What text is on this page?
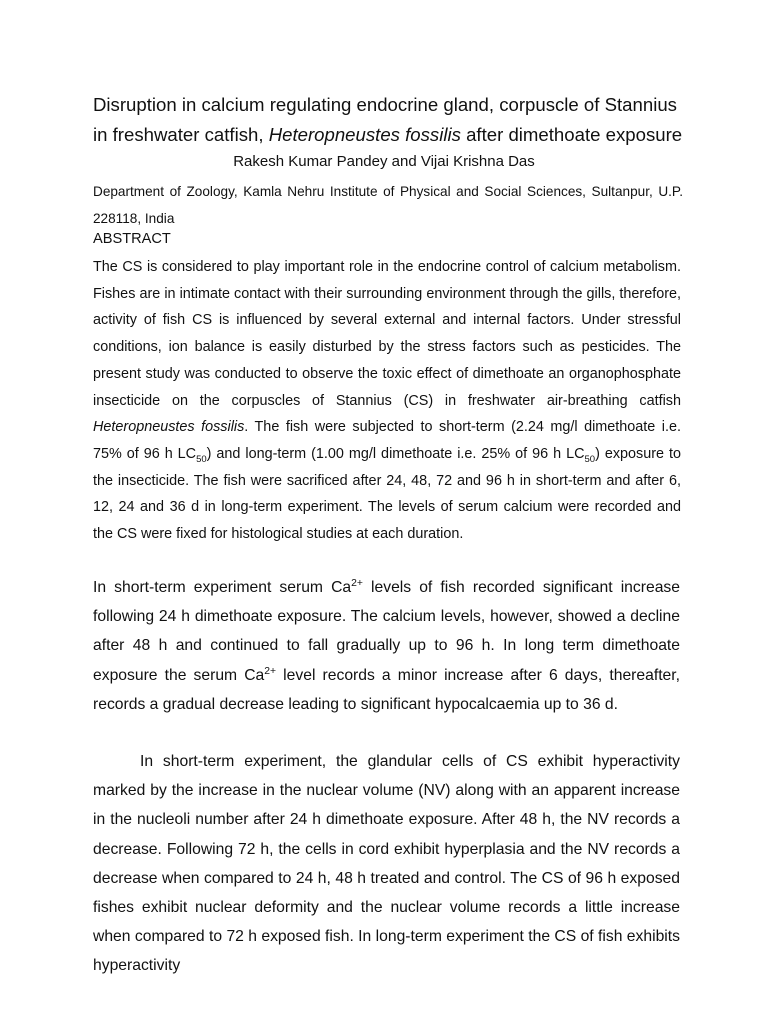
Disruption in calcium regulating endocrine gland, corpuscle of Stannius in freshwater catfish, Heteropneustes fossilis after dimethoate exposure

Rakesh Kumar Pandey and Vijai Krishna Das

Department of Zoology, Kamla Nehru Institute of Physical and Social Sciences, Sultanpur, U.P. 228118, India

ABSTRACT

The CS is considered to play important role in the endocrine control of calcium metabolism. Fishes are in intimate contact with their surrounding environment through the gills, therefore, activity of fish CS is influenced by several external and internal factors. Under stressful conditions, ion balance is easily disturbed by the stress factors such as pesticides. The present study was conducted to observe the toxic effect of dimethoate an organophosphate insecticide on the corpuscles of Stannius (CS) in freshwater air-breathing catfish Heteropneustes fossilis. The fish were subjected to short-term (2.24 mg/l dimethoate i.e. 75% of 96 h $LC_{50}$) and long-term (1.00 mg/l dimethoate i.e. 25% of 96 h $LC_{50}$) exposure to the insecticide. The fish were sacrificed after 24, 48, 72 and 96 h in short-term and after 6, 12, 24 and 36 d in long-term experiment. The levels of serum calcium were recorded and the CS were fixed for histological studies at each duration.

In short-term experiment serum $Ca^{2+}$ levels of fish recorded significant increase following 24 h dimethoate exposure. The calcium levels, however, showed a decline after 48 h and continued to fall gradually up to 96 h. In long term dimethoate exposure the serum $Ca^{2+}$ level records a minor increase after 6 days, thereafter, records a gradual decrease leading to significant hypocalcaemia up to 36 d.

In short-term experiment, the glandular cells of CS exhibit hyperactivity marked by the increase in the nuclear volume (NV) along with an apparent increase in the nucleoli number after 24 h dimethoate exposure. After 48 h, the NV records a decrease. Following 72 h, the cells in cord exhibit hyperplasia and the NV records a decrease when compared to 24 h, 48 h treated and control. The CS of 96 h exposed fishes exhibit nuclear deformity and the nuclear volume records a little increase when compared to 72 h exposed fish. In long-term experiment the CS of fish exhibits hyperactivity
